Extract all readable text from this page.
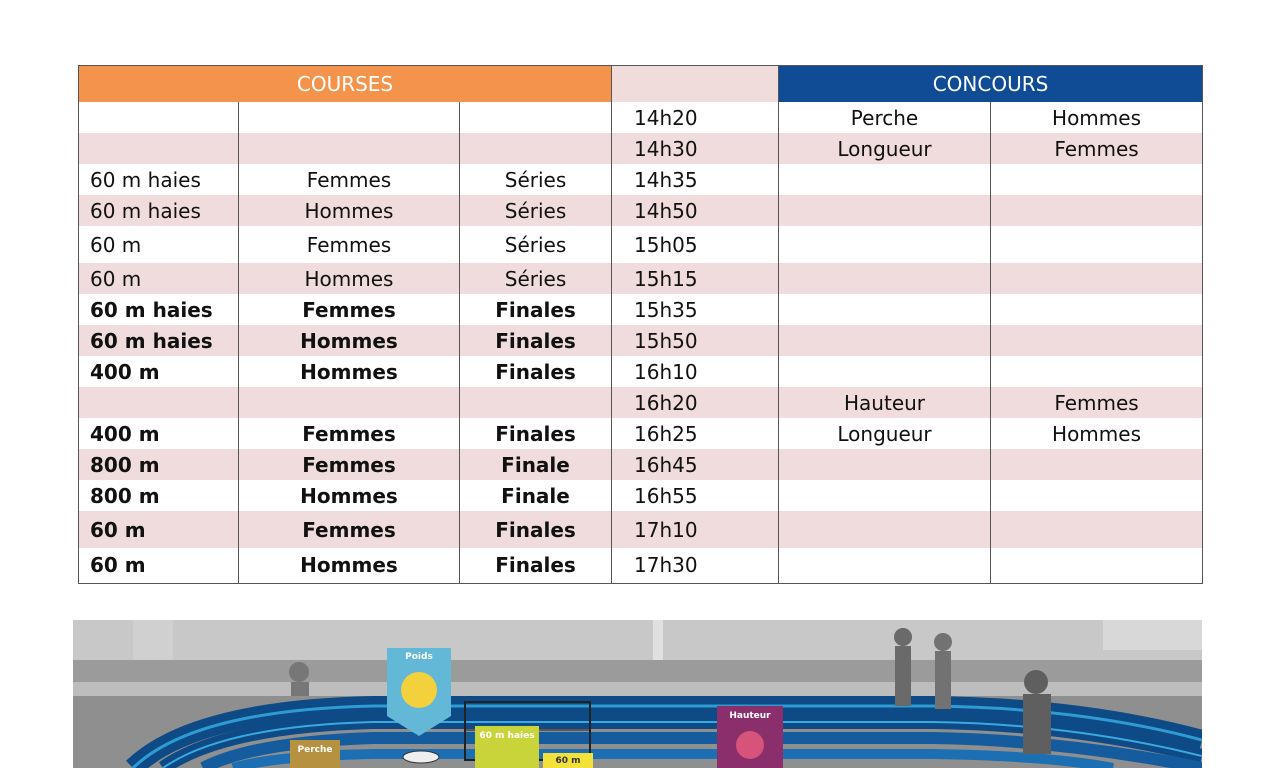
COURSES				CONCOURS	
			14h20	Perche	Hommes
			14h30	Longueur	Femmes
60 m haies	Femmes	Séries	14h35		
60 m haies	Hommes	Séries	14h50		
60 m	Femmes	Séries	15h05		
60 m	Hommes	Séries	15h15		
60 m haies	Femmes	Finales	15h35		
60 m haies	Hommes	Finales	15h50		
400 m	Hommes	Finales	16h10		
			16h20	Hauteur	Femmes
400 m	Femmes	Finales	16h25	Longueur	Hommes
800 m	Femmes	Finale	16h45		
800 m	Hommes	Finale	16h55		
60 m	Femmes	Finales	17h10		
60 m	Hommes	Finales	17h30		
Poids
Perche
60 m haies
60 m
Hauteur
